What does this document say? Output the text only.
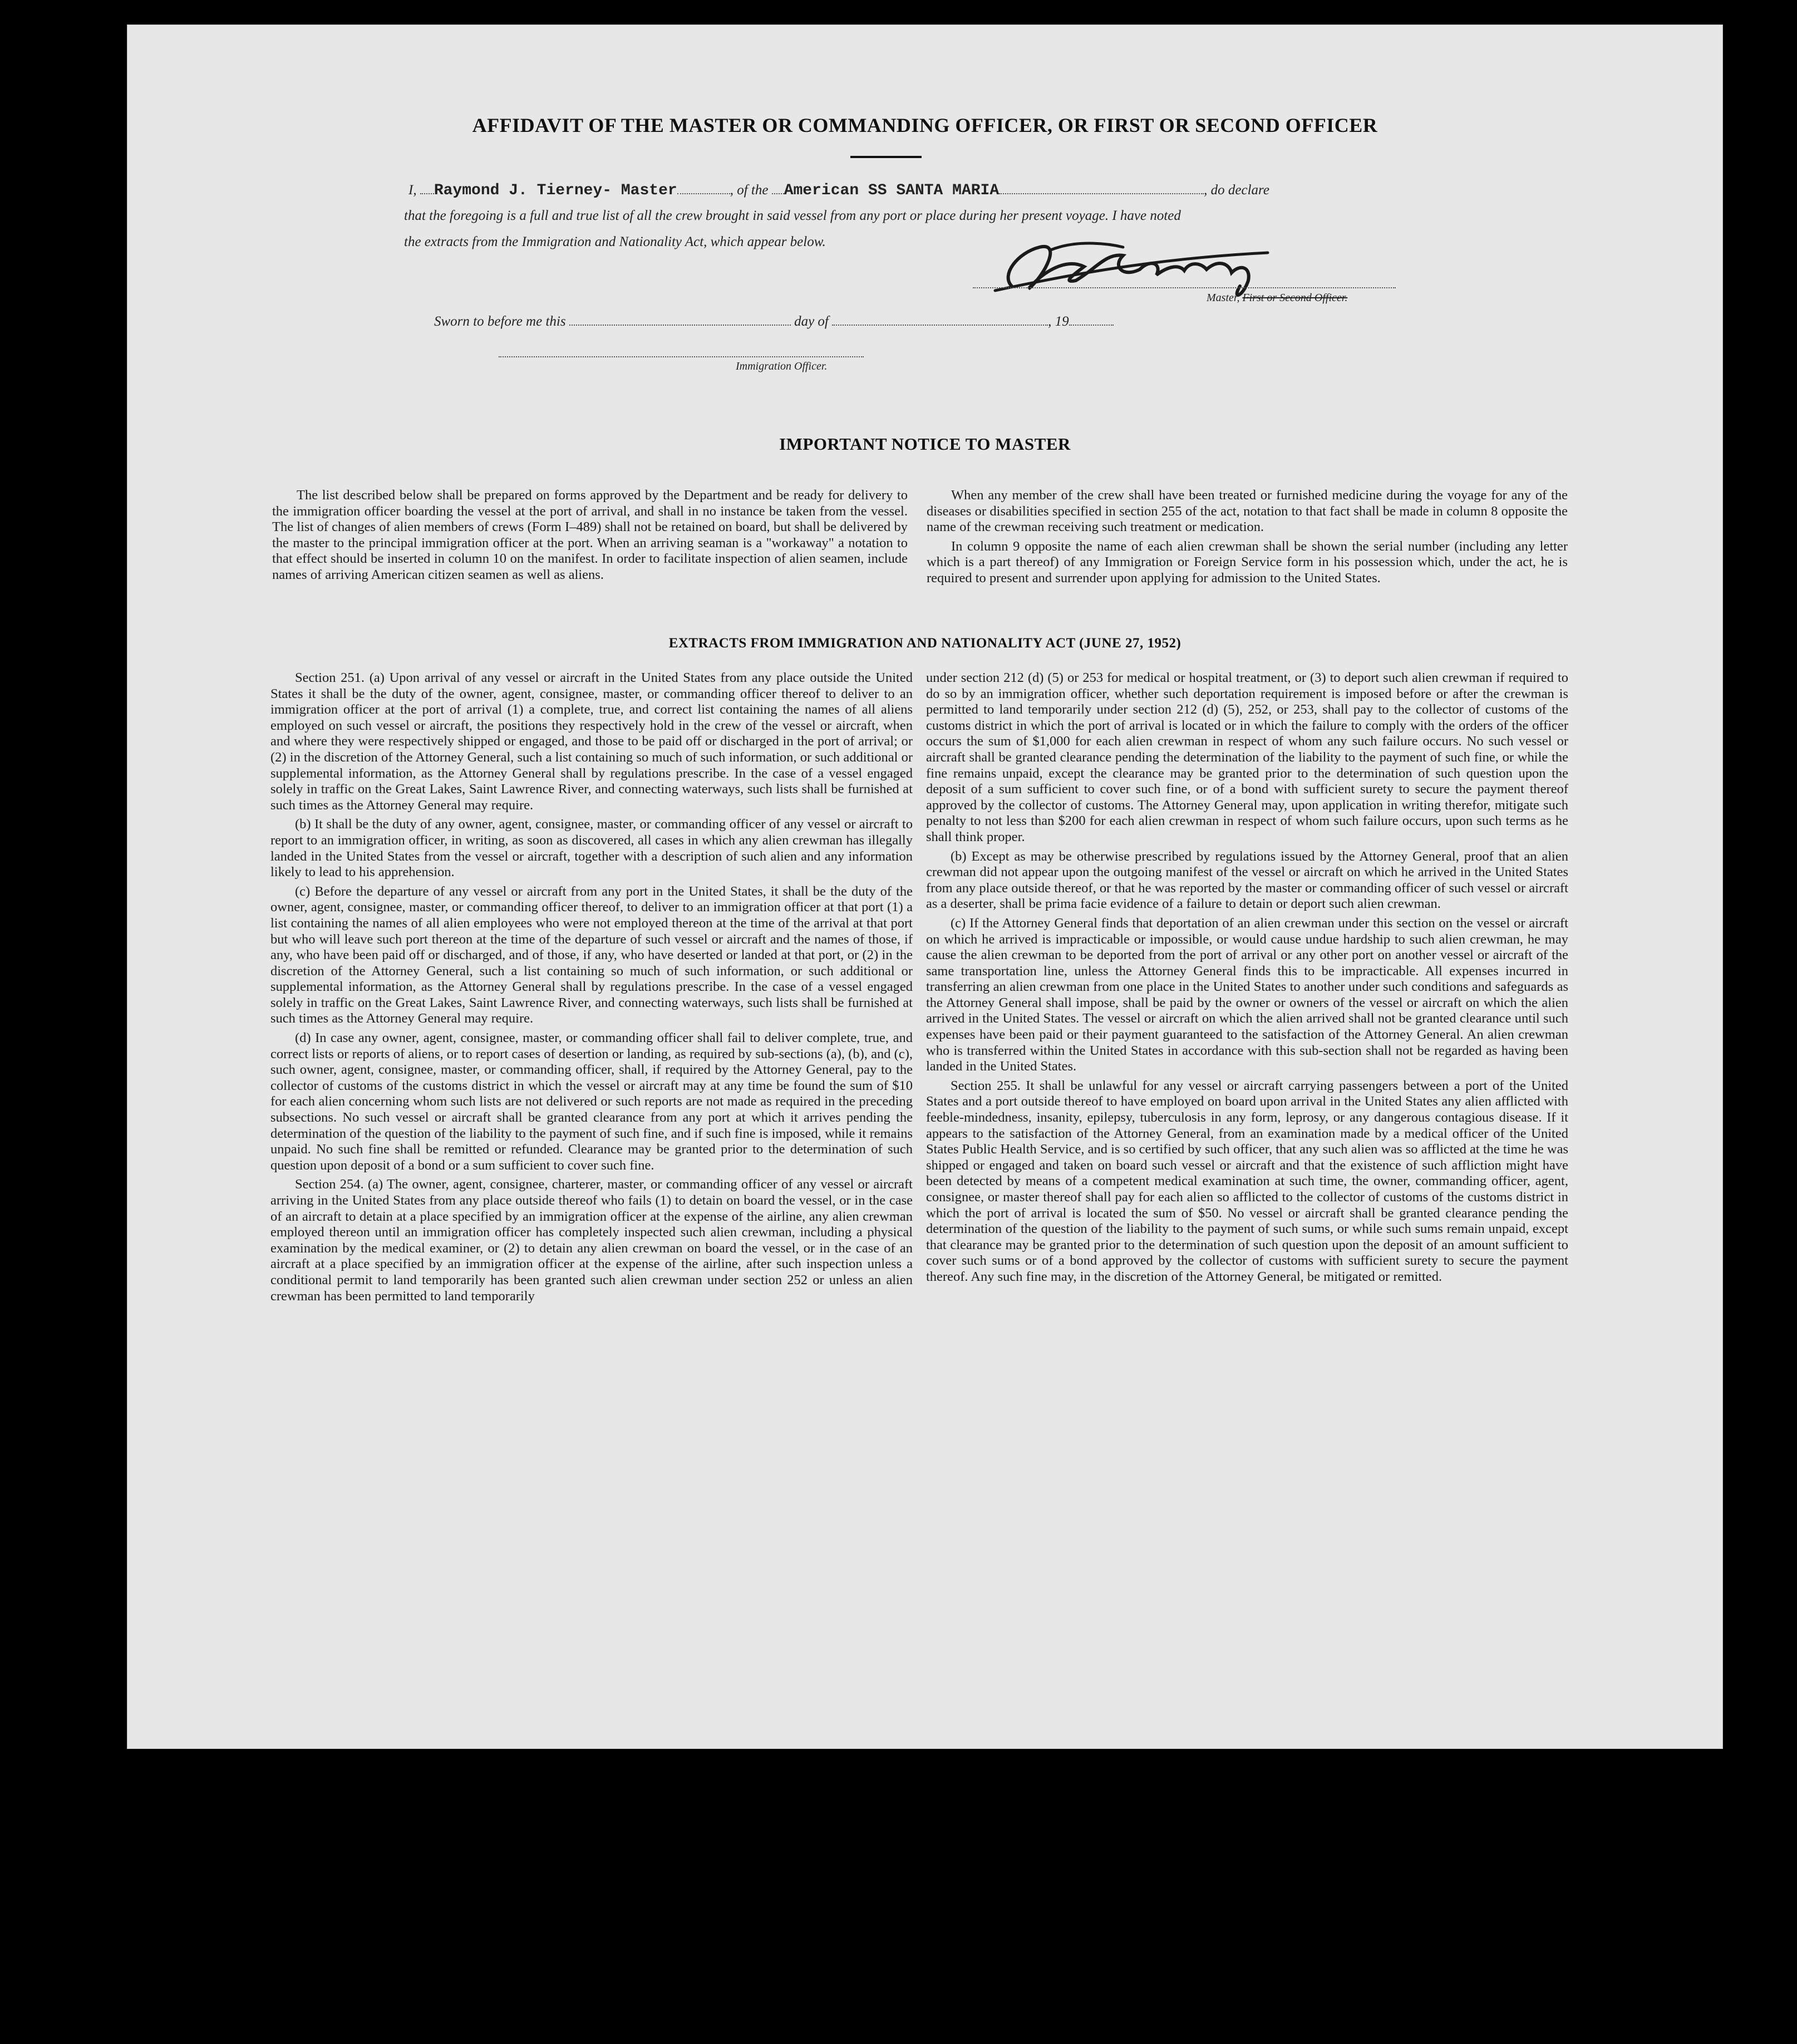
AFFIDAVIT OF THE MASTER OR COMMANDING OFFICER, OR FIRST OR SECOND OFFICER
I, Raymond J. Tierney- Master	, of the American SS SANTA MARIA	, do declare
that the foregoing is a full and true list of all the crew brought in said vessel from any port or place during her present voyage. I have noted
the extracts from the Immigration and Nationality Act, which appear below.
Master, First or Second Officer.
Sworn to before me this	day of	, 19
Immigration Officer.
IMPORTANT NOTICE TO MASTER

The list described below shall be prepared on forms approved by the Department and be ready for delivery to the immigration officer boarding the vessel at the port of arrival, and shall in no instance be taken from the vessel. The list of changes of alien members of crews (Form I–489) shall not be retained on board, but shall be delivered by the master to the principal immigration officer at the port. When an arriving seaman is a "workaway" a notation to that effect should be inserted in column 10 on the manifest. In order to facilitate inspection of alien seamen, include names of arriving American citizen seamen as well as aliens.

When any member of the crew shall have been treated or furnished medicine during the voyage for any of the diseases or disabilities specified in section 255 of the act, notation to that fact shall be made in column 8 opposite the name of the crewman receiving such treatment or medication.

In column 9 opposite the name of each alien crewman shall be shown the serial number (including any letter which is a part thereof) of any Immigration or Foreign Service form in his possession which, under the act, he is required to present and surrender upon applying for admission to the United States.

EXTRACTS FROM IMMIGRATION AND NATIONALITY ACT (JUNE 27, 1952)

Section 251. (a) Upon arrival of any vessel or aircraft in the United States from any place outside the United States it shall be the duty of the owner, agent, consignee, master, or commanding officer thereof to deliver to an immigration officer at the port of arrival (1) a complete, true, and correct list containing the names of all aliens employed on such vessel or aircraft, the positions they respectively hold in the crew of the vessel or aircraft, when and where they were respectively shipped or engaged, and those to be paid off or discharged in the port of arrival; or (2) in the discretion of the Attorney General, such a list containing so much of such information, or such additional or supplemental information, as the Attorney General shall by regulations prescribe. In the case of a vessel engaged solely in traffic on the Great Lakes, Saint Lawrence River, and connecting waterways, such lists shall be furnished at such times as the Attorney General may require.

(b) It shall be the duty of any owner, agent, consignee, master, or commanding officer of any vessel or aircraft to report to an immigration officer, in writing, as soon as discovered, all cases in which any alien crewman has illegally landed in the United States from the vessel or aircraft, together with a description of such alien and any information likely to lead to his apprehension.

(c) Before the departure of any vessel or aircraft from any port in the United States, it shall be the duty of the owner, agent, consignee, master, or commanding officer thereof, to deliver to an immigration officer at that port (1) a list containing the names of all alien employees who were not employed thereon at the time of the arrival at that port but who will leave such port thereon at the time of the departure of such vessel or aircraft and the names of those, if any, who have been paid off or discharged, and of those, if any, who have deserted or landed at that port, or (2) in the discretion of the Attorney General, such a list containing so much of such information, or such additional or supplemental information, as the Attorney General shall by regulations prescribe. In the case of a vessel engaged solely in traffic on the Great Lakes, Saint Lawrence River, and connecting waterways, such lists shall be furnished at such times as the Attorney General may require.

(d) In case any owner, agent, consignee, master, or commanding officer shall fail to deliver complete, true, and correct lists or reports of aliens, or to report cases of desertion or landing, as required by sub-sections (a), (b), and (c), such owner, agent, consignee, master, or commanding officer, shall, if required by the Attorney General, pay to the collector of customs of the customs district in which the vessel or aircraft may at any time be found the sum of $10 for each alien concerning whom such lists are not delivered or such reports are not made as required in the preceding subsections. No such vessel or aircraft shall be granted clearance from any port at which it arrives pending the determination of the question of the liability to the payment of such fine, and if such fine is imposed, while it remains unpaid. No such fine shall be remitted or refunded. Clearance may be granted prior to the determination of such question upon deposit of a bond or a sum sufficient to cover such fine.

Section 254. (a) The owner, agent, consignee, charterer, master, or commanding officer of any vessel or aircraft arriving in the United States from any place outside thereof who fails (1) to detain on board the vessel, or in the case of an aircraft to detain at a place specified by an immigration officer at the expense of the airline, any alien crewman employed thereon until an immigration officer has completely inspected such alien crewman, including a physical examination by the medical examiner, or (2) to detain any alien crewman on board the vessel, or in the case of an aircraft at a place specified by an immigration officer at the expense of the airline, after such inspection unless a conditional permit to land temporarily has been granted such alien crewman under section 252 or unless an alien crewman has been permitted to land temporarily

under section 212 (d) (5) or 253 for medical or hospital treatment, or (3) to deport such alien crewman if required to do so by an immigration officer, whether such deportation requirement is imposed before or after the crewman is permitted to land temporarily under section 212 (d) (5), 252, or 253, shall pay to the collector of customs of the customs district in which the port of arrival is located or in which the failure to comply with the orders of the officer occurs the sum of $1,000 for each alien crewman in respect of whom any such failure occurs. No such vessel or aircraft shall be granted clearance pending the determination of the liability to the payment of such fine, or while the fine remains unpaid, except the clearance may be granted prior to the determination of such question upon the deposit of a sum sufficient to cover such fine, or of a bond with sufficient surety to secure the payment thereof approved by the collector of customs. The Attorney General may, upon application in writing therefor, mitigate such penalty to not less than $200 for each alien crewman in respect of whom such failure occurs, upon such terms as he shall think proper.

(b) Except as may be otherwise prescribed by regulations issued by the Attorney General, proof that an alien crewman did not appear upon the outgoing manifest of the vessel or aircraft on which he arrived in the United States from any place outside thereof, or that he was reported by the master or commanding officer of such vessel or aircraft as a deserter, shall be prima facie evidence of a failure to detain or deport such alien crewman.

(c) If the Attorney General finds that deportation of an alien crewman under this section on the vessel or aircraft on which he arrived is impracticable or impossible, or would cause undue hardship to such alien crewman, he may cause the alien crewman to be deported from the port of arrival or any other port on another vessel or aircraft of the same transportation line, unless the Attorney General finds this to be impracticable. All expenses incurred in transferring an alien crewman from one place in the United States to another under such conditions and safeguards as the Attorney General shall impose, shall be paid by the owner or owners of the vessel or aircraft on which the alien arrived in the United States. The vessel or aircraft on which the alien arrived shall not be granted clearance until such expenses have been paid or their payment guaranteed to the satisfaction of the Attorney General. An alien crewman who is transferred within the United States in accordance with this sub-section shall not be regarded as having been landed in the United States.

Section 255. It shall be unlawful for any vessel or aircraft carrying passengers between a port of the United States and a port outside thereof to have employed on board upon arrival in the United States any alien afflicted with feeble-mindedness, insanity, epilepsy, tuberculosis in any form, leprosy, or any dangerous contagious disease. If it appears to the satisfaction of the Attorney General, from an examination made by a medical officer of the United States Public Health Service, and is so certified by such officer, that any such alien was so afflicted at the time he was shipped or engaged and taken on board such vessel or aircraft and that the existence of such affliction might have been detected by means of a competent medical examination at such time, the owner, commanding officer, agent, consignee, or master thereof shall pay for each alien so afflicted to the collector of customs of the customs district in which the port of arrival is located the sum of $50. No vessel or aircraft shall be granted clearance pending the determination of the question of the liability to the payment of such sums, or while such sums remain unpaid, except that clearance may be granted prior to the determination of such question upon the deposit of an amount sufficient to cover such sums or of a bond approved by the collector of customs with sufficient surety to secure the payment thereof. Any such fine may, in the discretion of the Attorney General, be mitigated or remitted.
